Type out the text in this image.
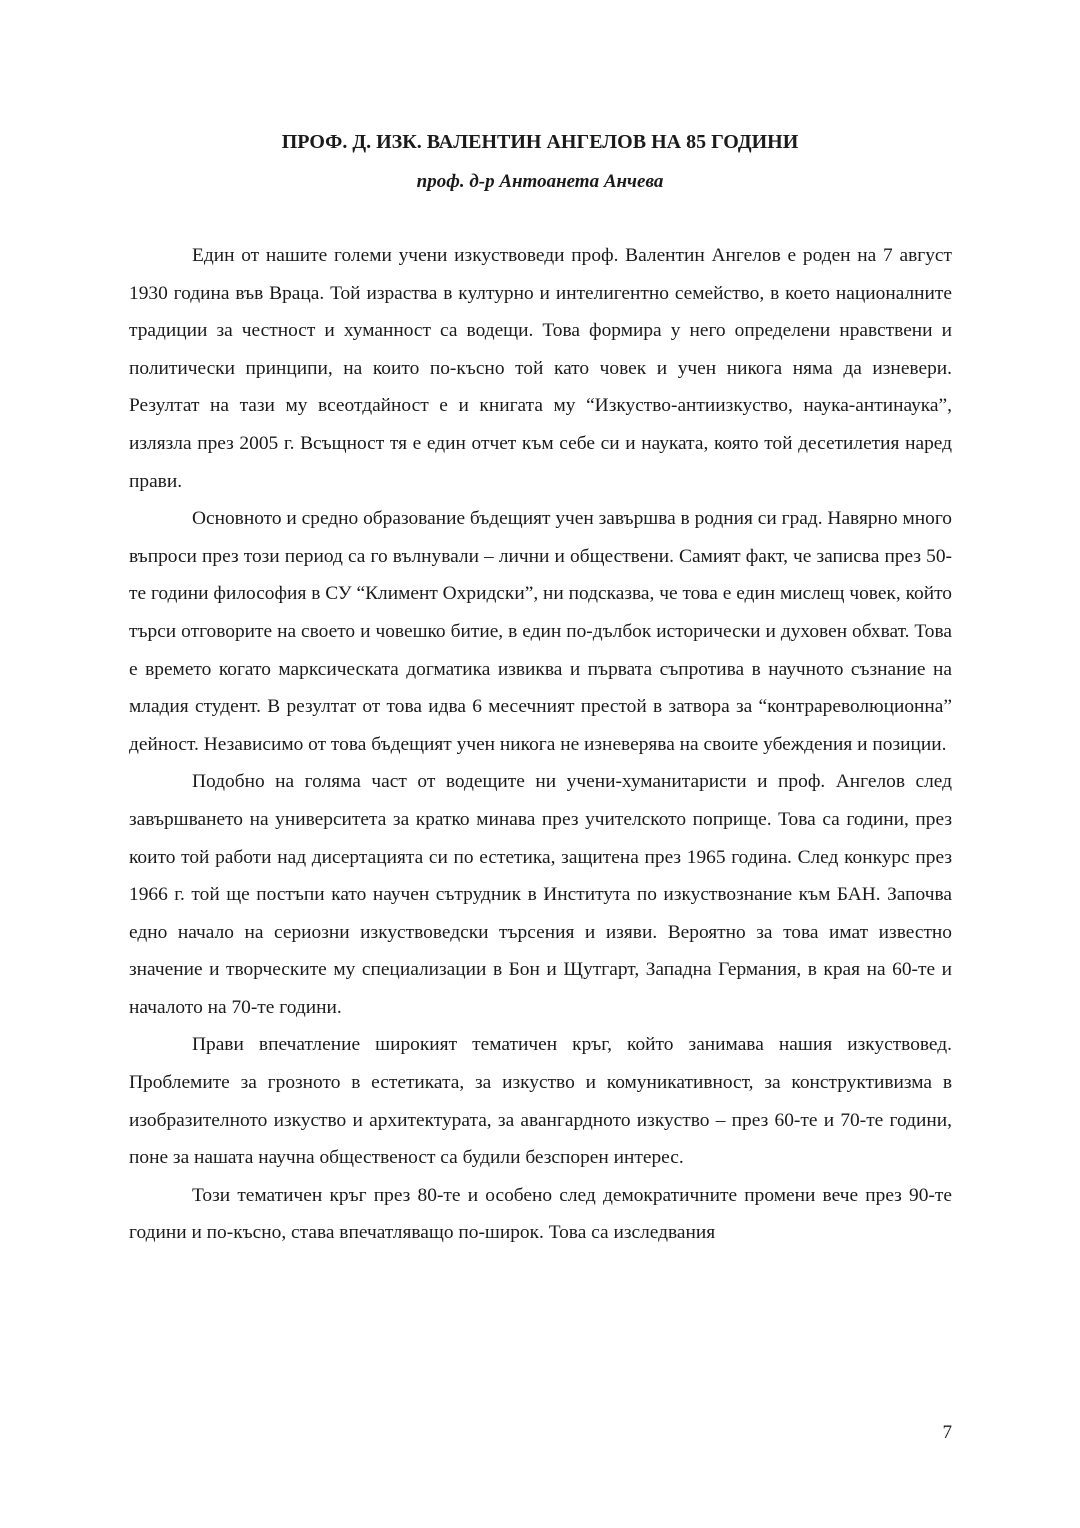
ПРОФ. Д. ИЗК. ВАЛЕНТИН АНГЕЛОВ НА 85 ГОДИНИ
проф. д-р Антоанета Анчева

Един от нашите големи учени изкуствоведи проф. Валентин Ангелов е роден на 7 август 1930 година във Враца. Той израства в културно и интелигентно семейство, в което националните традиции за честност и хуманност са водещи. Това формира у него определени нравствени и политически принципи, на които по-късно той като човек и учен никога няма да изневери. Резултат на тази му всеотдайност е и книгата му “Изкуство-антиизкуство, наука-антинаука”, излязла през 2005 г. Всъщност тя е един отчет към себе си и науката, която той десетилетия наред прави.

Основното и средно образование бъдещият учен завършва в родния си град. Навярно много въпроси през този период са го вълнували – лични и обществени. Самият факт, че записва през 50-те години философия в СУ “Климент Охридски”, ни подсказва, че това е един мислещ човек, който търси отговорите на своето и човешко битие, в един по-дълбок исторически и духовен обхват. Това е времето когато марксическата догматика извиква и първата съпротива в научното съзнание на младия студент. В резултат от това идва 6 месечният престой в затвора за “контрареволюционна” дейност. Независимо от това бъдещият учен никога не изневерява на своите убеждения и позиции.

Подобно на голяма част от водещите ни учени-хуманитаристи и проф. Ангелов след завършването на университета за кратко минава през учителското поприще. Това са години, през които той работи над дисертацията си по естетика, защитена през 1965 година. След конкурс през 1966 г. той ще постъпи като научен сътрудник в Института по изкуствознание към БАН. Започва едно начало на сериозни изкуствоведски търсения и изяви. Вероятно за това имат известно значение и творческите му специализации в Бон и Щутгарт, Западна Германия, в края на 60-те и началото на 70-те години.

Прави впечатление широкият тематичен кръг, който занимава нашия изкуствовед. Проблемите за грозното в естетиката, за изкуство и комуникативност, за конструктивизма в изобразителното изкуство и архитектурата, за авангардното изкуство – през 60-те и 70-те години, поне за нашата научна общественост са будили безспорен интерес.

Този тематичен кръг през 80-те и особено след демократичните промени вече през 90-те години и по-късно, става впечатляващо по-широк. Това са изследвания

7
